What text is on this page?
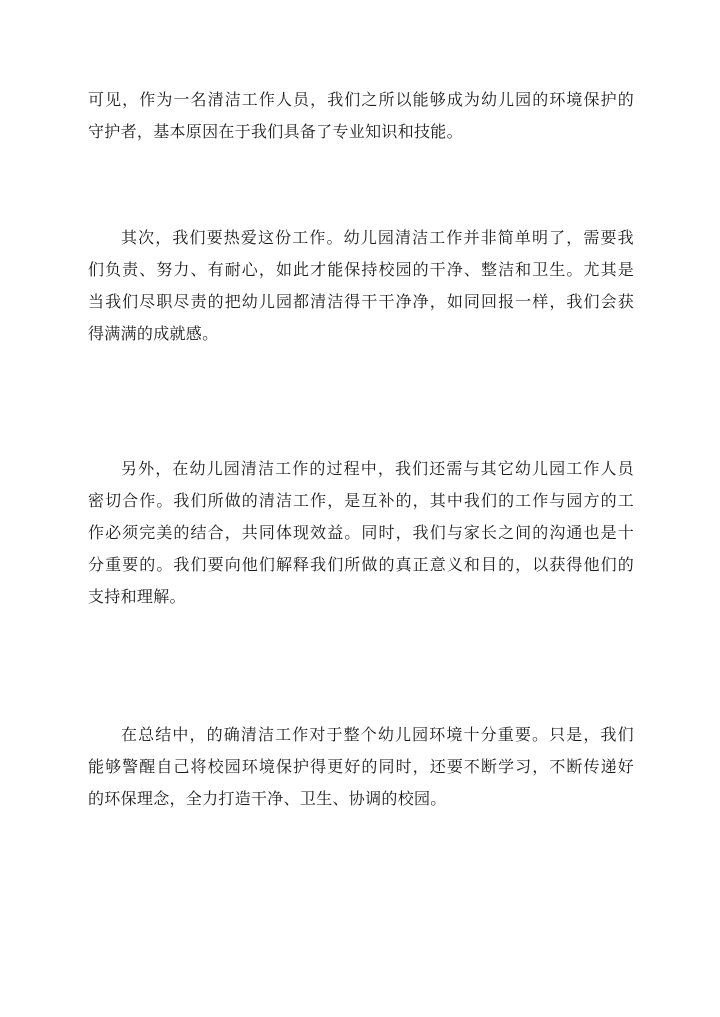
可见，作为一名清洁工作人员，我们之所以能够成为幼儿园的环境保护的
守护者，基本原因在于我们具备了专业知识和技能。
其次，我们要热爱这份工作。幼儿园清洁工作并非简单明了，需要我
们负责、努力、有耐心，如此才能保持校园的干净、整洁和卫生。尤其是
当我们尽职尽责的把幼儿园都清洁得干干净净，如同回报一样，我们会获
得满满的成就感。
另外，在幼儿园清洁工作的过程中，我们还需与其它幼儿园工作人员
密切合作。我们所做的清洁工作，是互补的，其中我们的工作与园方的工
作必须完美的结合，共同体现效益。同时，我们与家长之间的沟通也是十
分重要的。我们要向他们解释我们所做的真正意义和目的，以获得他们的
支持和理解。
在总结中，的确清洁工作对于整个幼儿园环境十分重要。只是，我们
能够警醒自己将校园环境保护得更好的同时，还要不断学习，不断传递好
的环保理念，全力打造干净、卫生、协调的校园。
